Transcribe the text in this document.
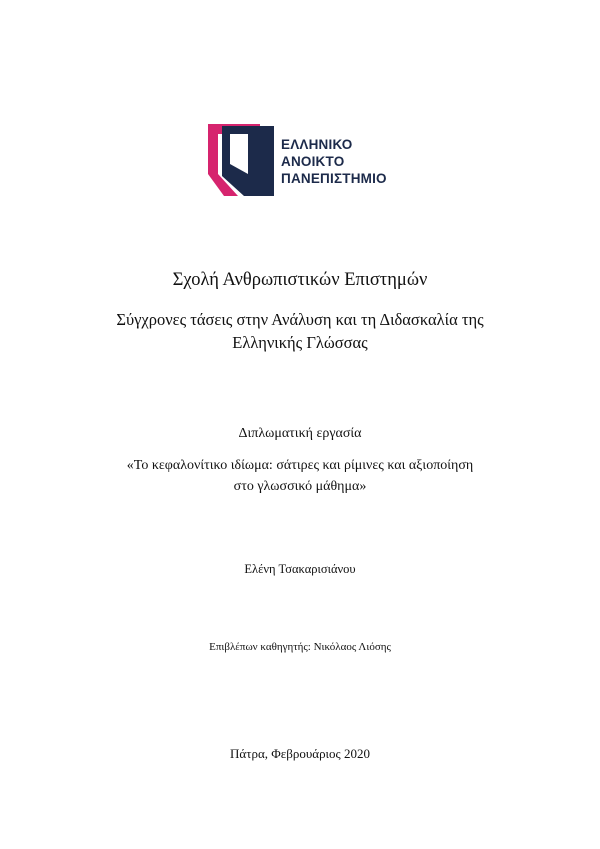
ΕΛΛΗΝΙΚΟ
ΑΝΟΙΚΤΟ
ΠΑΝΕΠΙΣΤΗΜΙΟ
Σχολή Ανθρωπιστικών Επιστημών
Σύγχρονες τάσεις στην Ανάλυση και τη Διδασκαλία της
Ελληνικής Γλώσσας
Διπλωματική εργασία
«Το κεφαλονίτικο ιδίωμα: σάτιρες και ρίμινες και αξιοποίηση
στο γλωσσικό μάθημα»
Ελένη Τσακαρισιάνου
Επιβλέπων καθηγητής: Νικόλαος Λιόσης
Πάτρα, Φεβρουάριος 2020
